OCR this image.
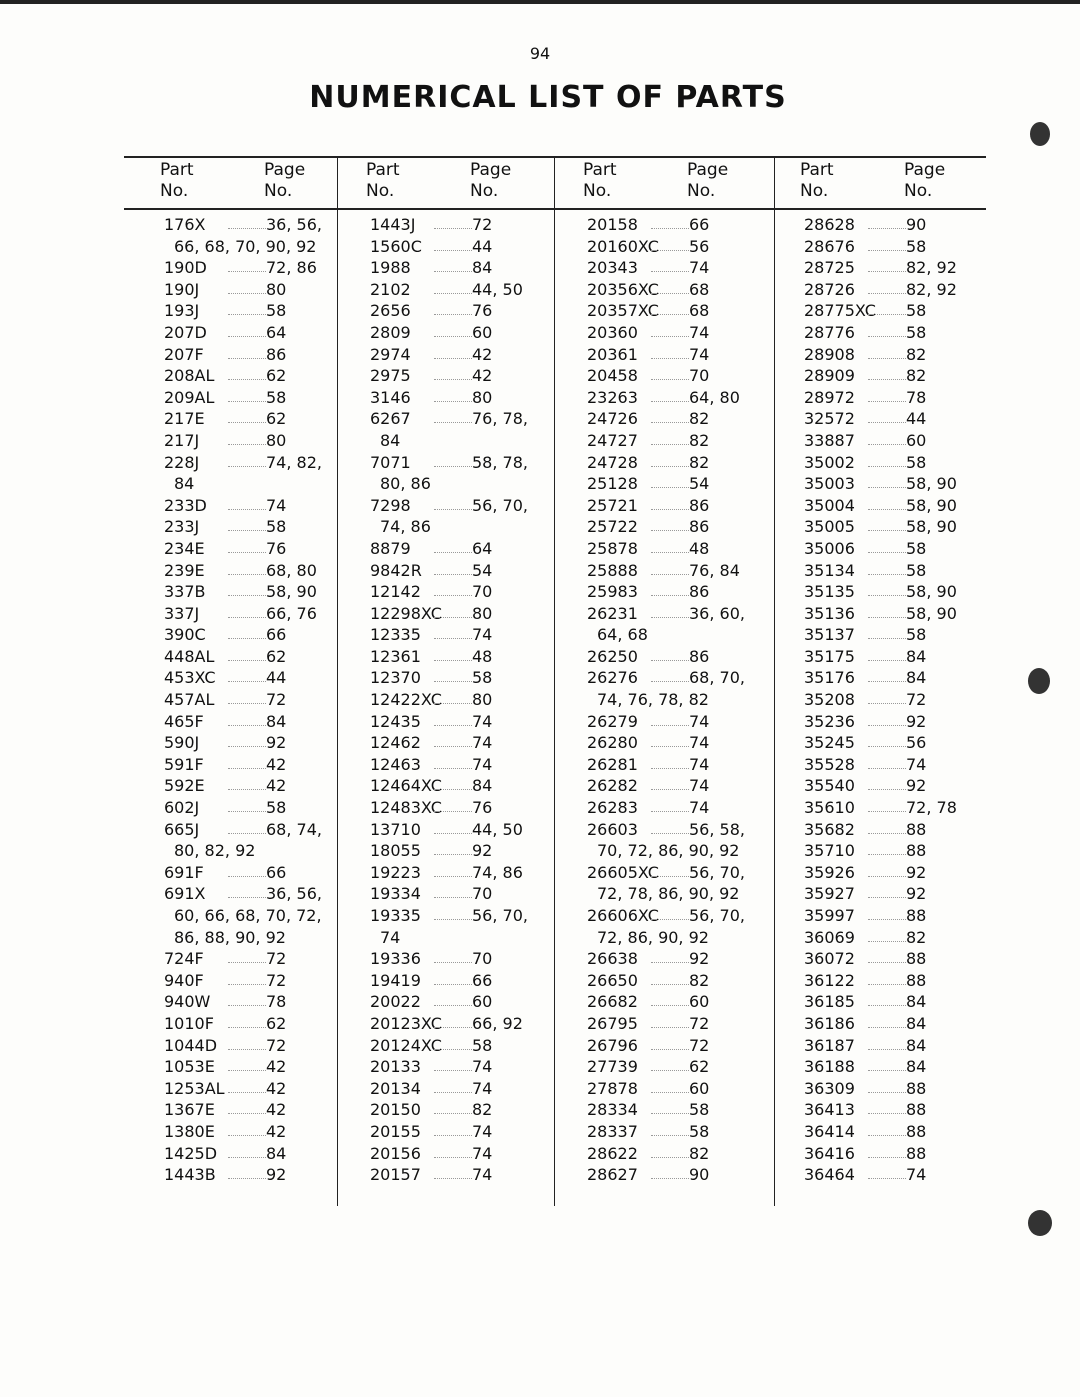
94
NUMERICAL LIST OF PARTS
Part
No.
Page
No.
176X	36, 56,
66, 68, 70, 90, 92
190D	72, 86
190J	80
193J	58
207D	64
207F	86
208AL	62
209AL	58
217E	62
217J	80
228J	74, 82,
84
233D	74
233J	58
234E	76
239E	68, 80
337B	58, 90
337J	66, 76
390C	66
448AL	62
453XC	44
457AL	72
465F	84
590J	92
591F	42
592E	42
602J	58
665J	68, 74,
80, 82, 92
691F	66
691X	36, 56,
60, 66, 68, 70, 72,
86, 88, 90, 92
724F	72
940F	72
940W	78
1010F	62
1044D	72
1053E	42
1253AL	42
1367E	42
1380E	42
1425D	84
1443B	92
Part
No.
Page
No.
1443J	72
1560C	44
1988	84
2102	44, 50
2656	76
2809	60
2974	42
2975	42
3146	80
6267	76, 78,
84
7071	58, 78,
80, 86
7298	56, 70,
74, 86
8879	64
9842R	54
12142	70
12298XC 80
12335	74
12361	48
12370	58
12422XC 80
12435	74
12462	74
12463	74
12464XC 84
12483XC 76
13710	44, 50
18055	92
19223	74, 86
19334	70
19335	56, 70,
74
19336	70
19419	66
20022	60
20123XC 66, 92
20124XC 58
20133	74
20134	74
20150	82
20155	74
20156	74
20157	74
Part
No.
Page
No.
20158	66
20160XC 56
20343	74
20356XC 68
20357XC 68
20360	74
20361	74
20458	70
23263	64, 80
24726	82
24727	82
24728	82
25128	54
25721	86
25722	86
25878	48
25888	76, 84
25983	86
26231	36, 60,
64, 68
26250	86
26276	68, 70,
74, 76, 78, 82
26279	74
26280	74
26281	74
26282	74
26283	74
26603	56, 58,
70, 72, 86, 90, 92
26605XC 56, 70,
72, 78, 86, 90, 92
26606XC 56, 70,
72, 86, 90, 92
26638	92
26650	82
26682	60
26795	72
26796	72
27739	62
27878	60
28334	58
28337	58
28622	82
28627	90
Part
No.
Page
No.
28628	90
28676	58
28725	82, 92
28726	82, 92
28775XC 58
28776	58
28908	82
28909	82
28972	78
32572	44
33887	60
35002	58
35003	58, 90
35004	58, 90
35005	58, 90
35006	58
35134	58
35135	58, 90
35136	58, 90
35137	58
35175	84
35176	84
35208	72
35236	92
35245	56
35528	74
35540	92
35610	72, 78
35682	88
35710	88
35926	92
35927	92
35997	88
36069	82
36072	88
36122	88
36185	84
36186	84
36187	84
36188	84
36309	88
36413	88
36414	88
36416	88
36464	74
